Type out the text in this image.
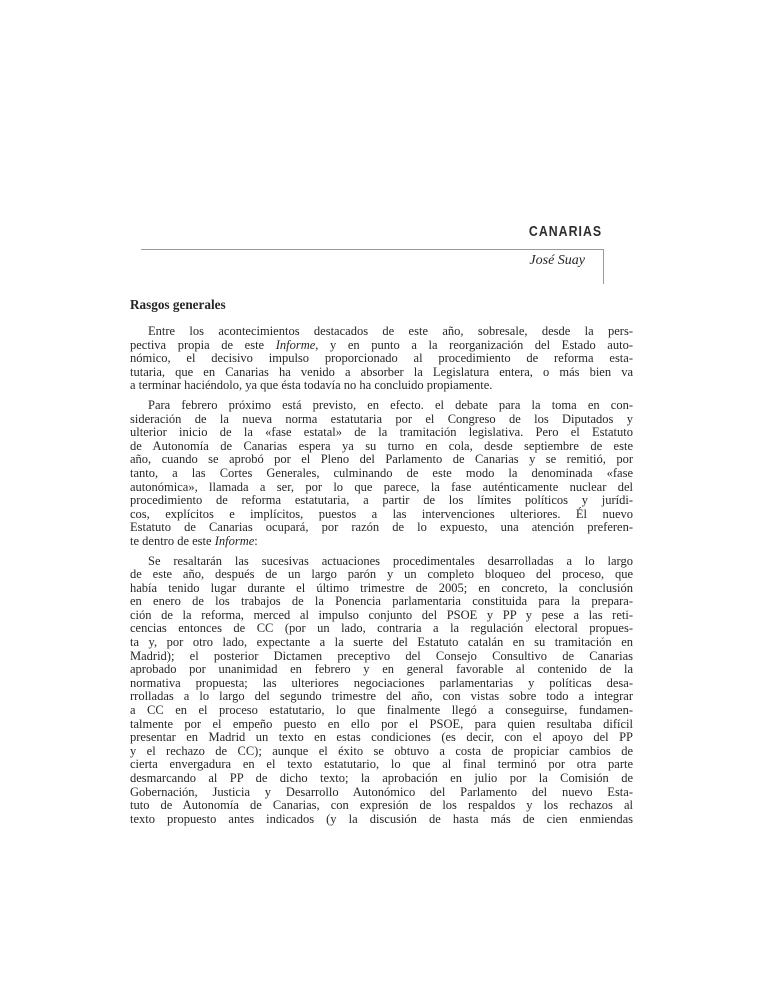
CANARIAS
José Suay
Rasgos generales
Entre los acontecimientos destacados de este año, sobresale, desde la pers-
pectiva propia de este Informe, y en punto a la reorganización del Estado auto-
nómico, el decisivo impulso proporcionado al procedimiento de reforma esta-
tutaria, que en Canarias ha venido a absorber la Legislatura entera, o más bien va
a terminar haciéndolo, ya que ésta todavía no ha concluido propiamente.
Para febrero próximo está previsto, en efecto. el debate para la toma en con-
sideración de la nueva norma estatutaria por el Congreso de los Diputados y
ulterior inicio de la «fase estatal» de la tramitación legislativa. Pero el Estatuto
de Autonomía de Canarias espera ya su turno en cola, desde septiembre de este
año, cuando se aprobó por el Pleno del Parlamento de Canarias y se remitió, por
tanto, a las Cortes Generales, culminando de este modo la denominada «fase
autonómica», llamada a ser, por lo que parece, la fase auténticamente nuclear del
procedimiento de reforma estatutaria, a partir de los límites políticos y jurídi-
cos, explícitos e implícitos, puestos a las intervenciones ulteriores. Él nuevo
Estatuto de Canarias ocupará, por razón de lo expuesto, una atención preferen-
te dentro de este Informe:
Se resaltarán las sucesivas actuaciones procedimentales desarrolladas a lo largo
de este año, después de un largo parón y un completo bloqueo del proceso, que
había tenido lugar durante el último trimestre de 2005; en concreto, la conclusión
en enero de los trabajos de la Ponencia parlamentaria constituida para la prepara-
ción de la reforma, merced al impulso conjunto del PSOE y PP y pese a las reti-
cencias entonces de CC (por un lado, contraria a la regulación electoral propues-
ta y, por otro lado, expectante a la suerte del Estatuto catalán en su tramitación en
Madrid); el posterior Dictamen preceptivo del Consejo Consultivo de Canarias
aprobado por unanimidad en febrero y en general favorable al contenido de la
normativa propuesta; las ulteriores negociaciones parlamentarias y políticas desa-
rrolladas a lo largo del segundo trimestre del año, con vistas sobre todo a integrar
a CC en el proceso estatutario, lo que finalmente llegó a conseguirse, fundamen-
talmente por el empeño puesto en ello por el PSOE, para quien resultaba difícil
presentar en Madrid un texto en estas condiciones (es decir, con el apoyo del PP
y el rechazo de CC); aunque el éxito se obtuvo a costa de propiciar cambios de
cierta envergadura en el texto estatutario, lo que al final terminó por otra parte
desmarcando al PP de dicho texto; la aprobación en julio por la Comisión de
Gobernación, Justicia y Desarrollo Autonómico del Parlamento del nuevo Esta-
tuto de Autonomía de Canarias, con expresión de los respaldos y los rechazos al
texto propuesto antes indicados (y la discusión de hasta más de cien enmiendas
